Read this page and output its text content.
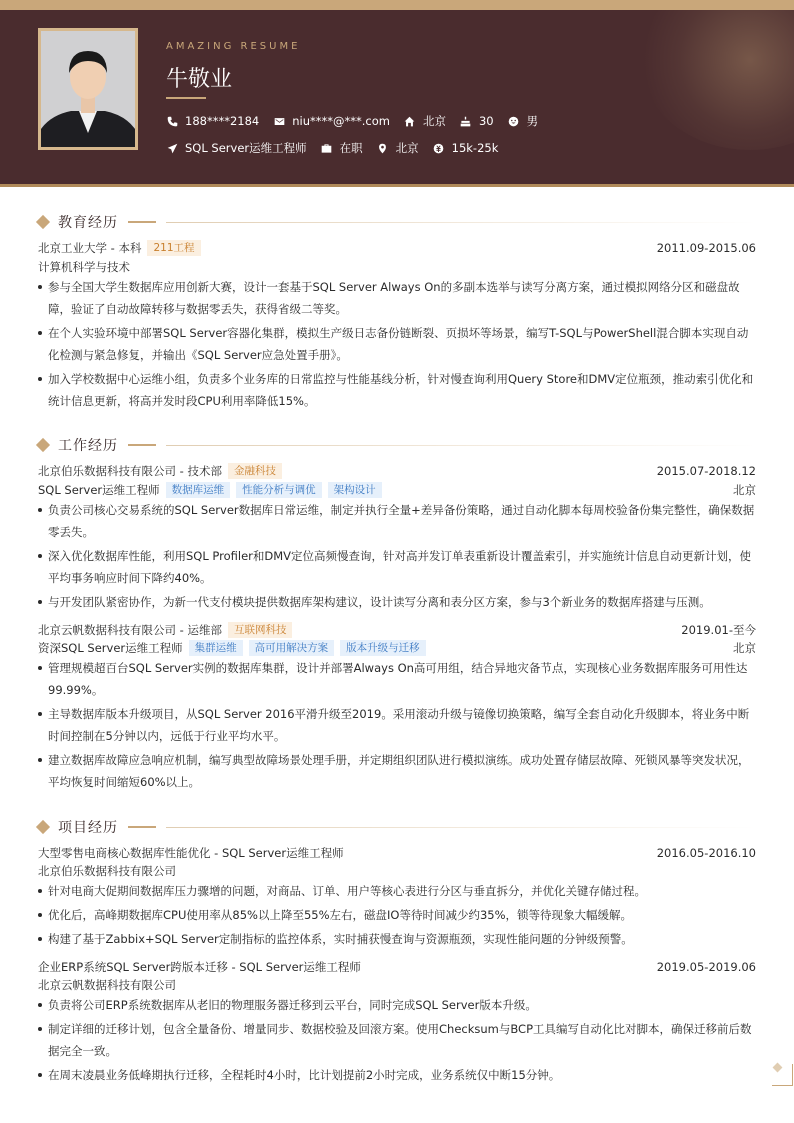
AMAZING RESUME
牛敬业
188****2184	niu****@***.com	北京	30	男
SQL Server运维工程师	在职	北京	15k-25k
教育经历
北京工业大学 - 本科	211工程	2011.09-2015.06
计算机科学与技术
参与全国大学生数据库应用创新大赛，设计一套基于SQL Server Always On的多副本选举与读写分离方案，通过模拟网络分区和磁盘故障，验证了自动故障转移与数据零丢失，获得省级二等奖。
在个人实验环境中部署SQL Server容器化集群，模拟生产级日志备份链断裂、页损坏等场景，编写T-SQL与PowerShell混合脚本实现自动化检测与紧急修复，并输出《SQL Server应急处置手册》。
加入学校数据中心运维小组，负责多个业务库的日常监控与性能基线分析，针对慢查询利用Query Store和DMV定位瓶颈，推动索引优化和统计信息更新，将高并发时段CPU利用率降低15%。
工作经历
北京伯乐数据科技有限公司 - 技术部	金融科技	2015.07-2018.12
SQL Server运维工程师	数据库运维	性能分析与调优	架构设计	北京
负责公司核心交易系统的SQL Server数据库日常运维，制定并执行全量+差异备份策略，通过自动化脚本每周校验备份集完整性，确保数据零丢失。
深入优化数据库性能，利用SQL Profiler和DMV定位高频慢查询，针对高并发订单表重新设计覆盖索引，并实施统计信息自动更新计划，使平均事务响应时间下降约40%。
与开发团队紧密协作，为新一代支付模块提供数据库架构建议，设计读写分离和表分区方案，参与3个新业务的数据库搭建与压测。
北京云帆数据科技有限公司 - 运维部	互联网科技	2019.01-至今
资深SQL Server运维工程师	集群运维	高可用解决方案	版本升级与迁移	北京
管理规模超百台SQL Server实例的数据库集群，设计并部署Always On高可用组，结合异地灾备节点，实现核心业务数据库服务可用性达99.99%。
主导数据库版本升级项目，从SQL Server 2016平滑升级至2019。采用滚动升级与镜像切换策略，编写全套自动化升级脚本，将业务中断时间控制在5分钟以内，远低于行业平均水平。
建立数据库故障应急响应机制，编写典型故障场景处理手册，并定期组织团队进行模拟演练。成功处置存储层故障、死锁风暴等突发状况，平均恢复时间缩短60%以上。
项目经历
大型零售电商核心数据库性能优化 - SQL Server运维工程师	2016.05-2016.10
北京伯乐数据科技有限公司
针对电商大促期间数据库压力骤增的问题，对商品、订单、用户等核心表进行分区与垂直拆分，并优化关键存储过程。
优化后，高峰期数据库CPU使用率从85%以上降至55%左右，磁盘IO等待时间减少约35%，锁等待现象大幅缓解。
构建了基于Zabbix+SQL Server定制指标的监控体系，实时捕获慢查询与资源瓶颈，实现性能问题的分钟级预警。
企业ERP系统SQL Server跨版本迁移 - SQL Server运维工程师	2019.05-2019.06
北京云帆数据科技有限公司
负责将公司ERP系统数据库从老旧的物理服务器迁移到云平台，同时完成SQL Server版本升级。
制定详细的迁移计划，包含全量备份、增量同步、数据校验及回滚方案。使用Checksum与BCP工具编写自动化比对脚本，确保迁移前后数据完全一致。
在周末凌晨业务低峰期执行迁移，全程耗时4小时，比计划提前2小时完成，业务系统仅中断15分钟。
